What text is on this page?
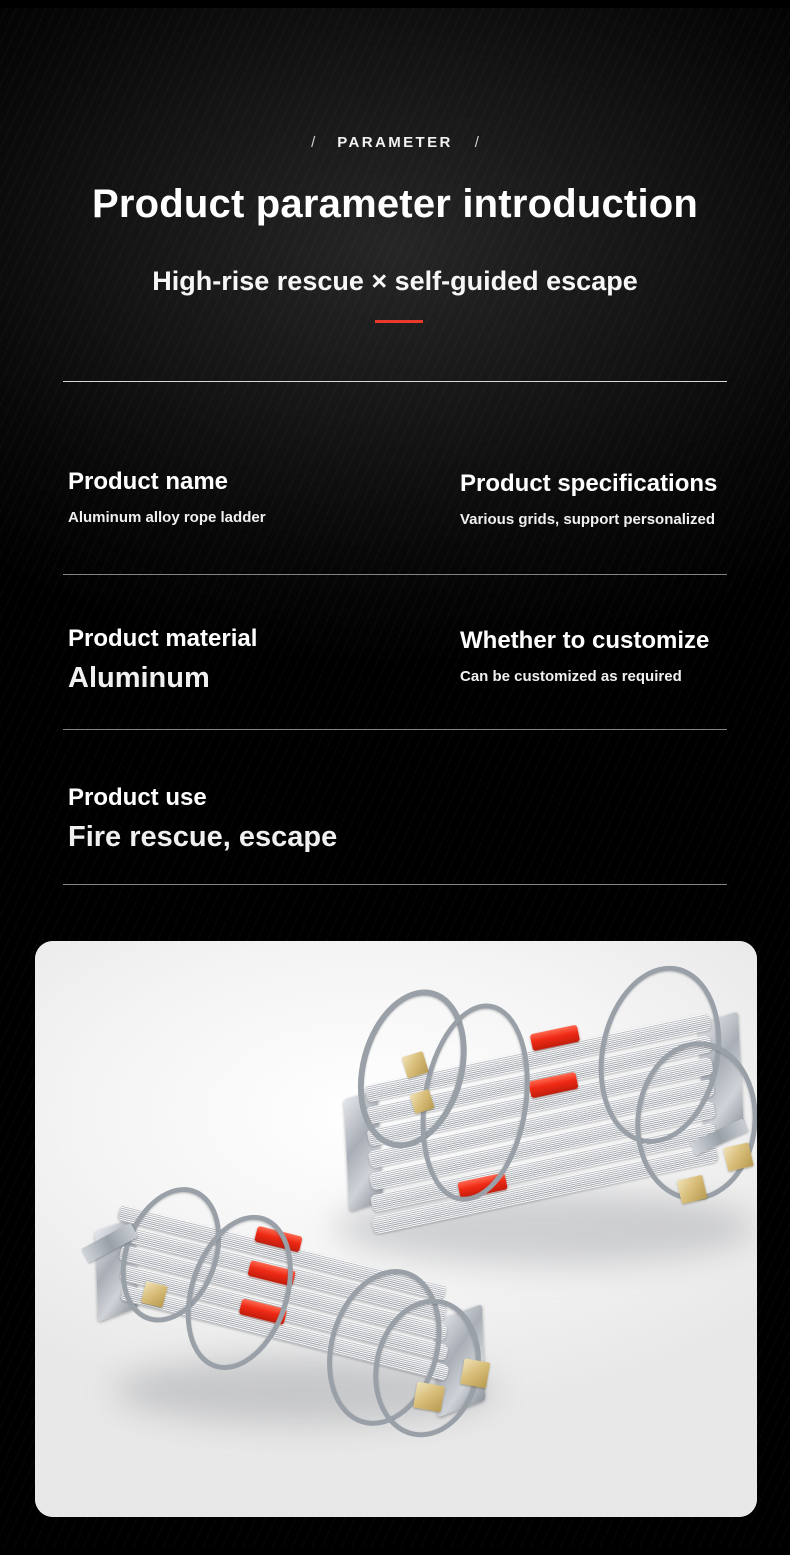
/ PARAMETER /
Product parameter introduction
High-rise rescue × self-guided escape
Product name
Aluminum alloy rope ladder
Product specifications
Various grids, support personalized
Product material
Aluminum
Whether to customize
Can be customized as required
Product use
Fire rescue, escape
